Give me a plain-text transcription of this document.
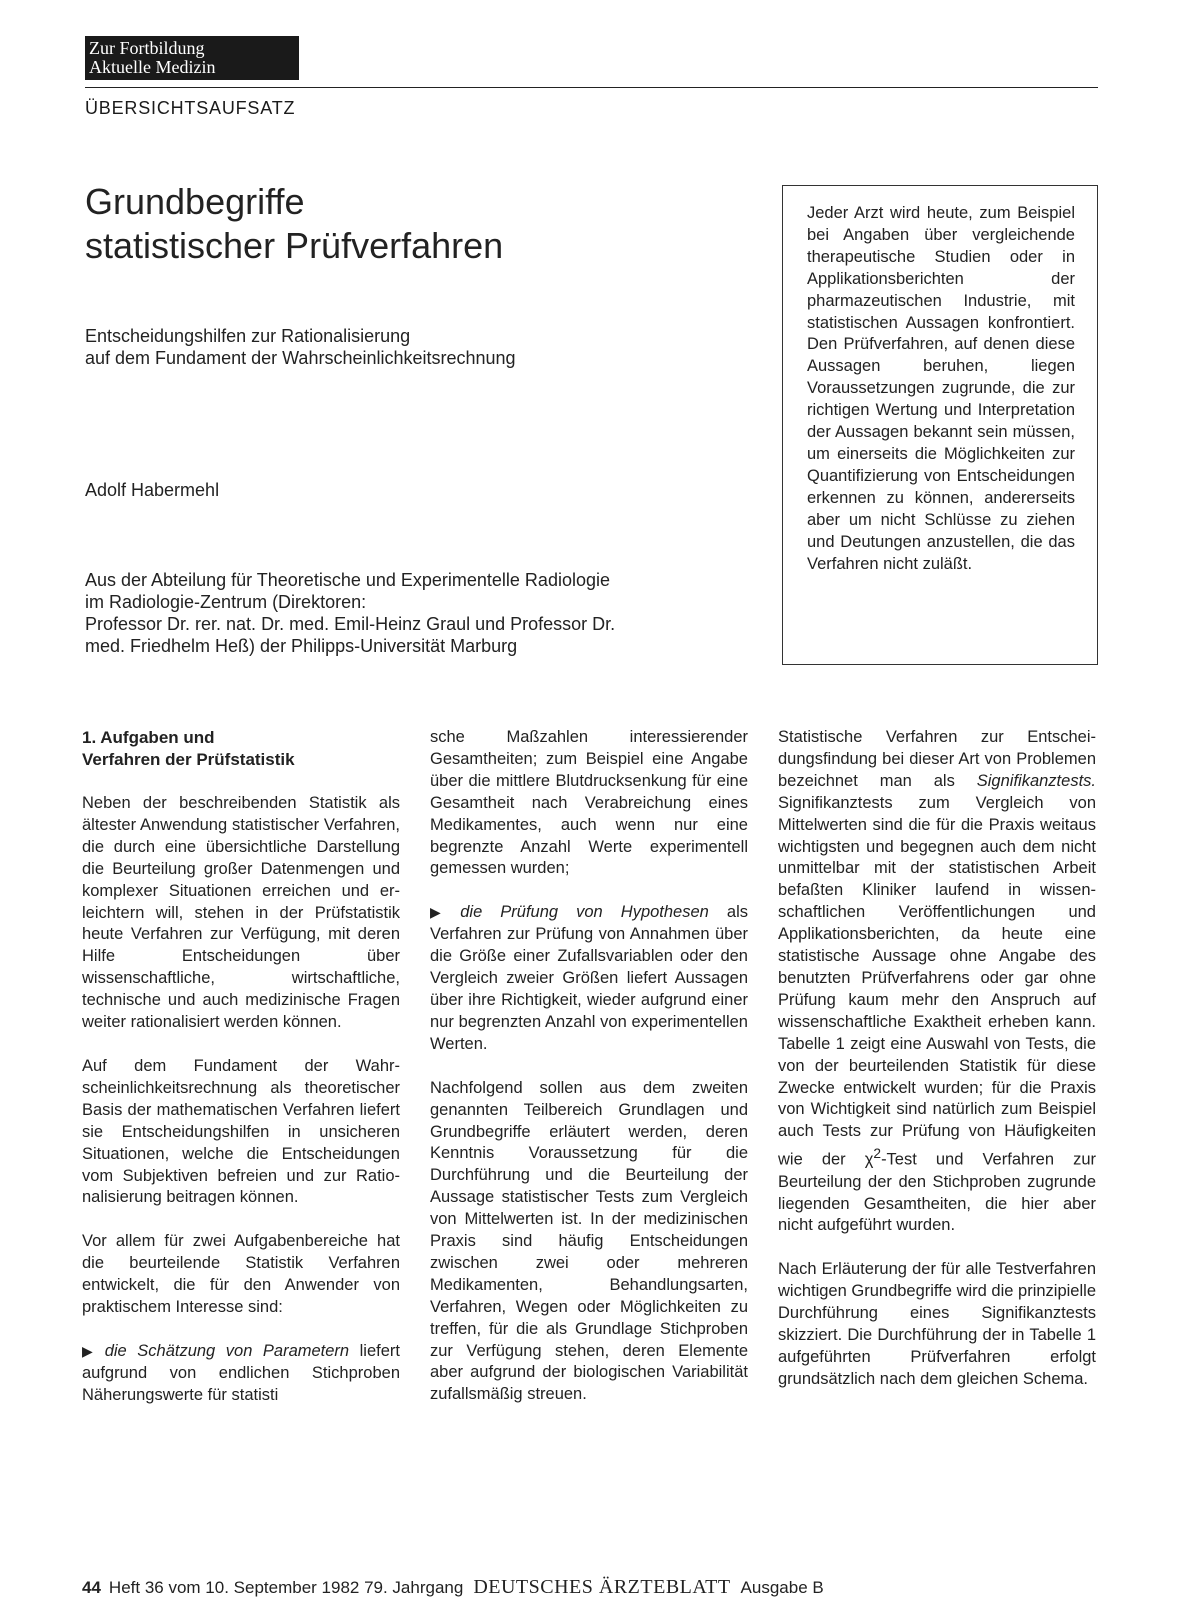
Zur Fortbildung
Aktuelle Medizin
ÜBERSICHTSAUFSATZ
Grundbegriffe
statistischer Prüfverfahren
Entscheidungshilfen zur Rationalisierung
auf dem Fundament der Wahrscheinlichkeitsrechnung
Adolf Habermehl
Aus der Abteilung für Theoretische und Experimentelle Radiologie
im Radiologie-Zentrum (Direktoren:
Professor Dr. rer. nat. Dr. med. Emil-Heinz Graul und Professor Dr.
med. Friedhelm Heß) der Philipps-Universität Marburg
Jeder Arzt wird heute, zum Beispiel bei Angaben über vergleichende therapeutische Studien oder in Applikationsberichten der pharmazeutischen Industrie, mit statistischen Aussagen konfrontiert. Den Prüfverfahren, auf denen diese Aussagen beruhen, liegen Voraussetzungen zugrunde, die zur richtigen Wertung und Interpretation der Aussagen bekannt sein müssen, um einerseits die Möglichkeiten zur Quantifizierung von Entscheidungen erkennen zu können, andererseits aber um nicht Schlüsse zu ziehen und Deutungen anzustellen, die das Verfahren nicht zuläßt.
1. Aufgaben und
Verfahren der Prüfstatistik

Neben der beschreibenden Statistik als ältester Anwendung statistischer Verfahren, die durch eine übersichtliche Darstellung die Beurteilung großer Datenmengen und komplexer Situationen erreichen und erleichtern will, stehen in der Prüfstatistik heute Verfahren zur Verfügung, mit deren Hilfe Entscheidungen über wissenschaftliche, wirtschaftliche, technische und auch medizinische Fragen weiter rationalisiert werden können.

Auf dem Fundament der Wahrscheinlichkeitsrechnung als theoretischer Basis der mathematischen Verfahren liefert sie Entscheidungshilfen in unsicheren Situationen, welche die Entscheidungen vom Subjektiven befreien und zur Rationalisierung beitragen können.

Vor allem für zwei Aufgabenbereiche hat die beurteilende Statistik Verfahren entwickelt, die für den Anwender von praktischem Interesse sind:

▶ die Schätzung von Parametern liefert aufgrund von endlichen Stichproben Näherungswerte für statisti

sche Maßzahlen interessierender Gesamtheiten; zum Beispiel eine Angabe über die mittlere Blutdrucksenkung für eine Gesamtheit nach Verabreichung eines Medikamentes, auch wenn nur eine begrenzte Anzahl Werte experimentell gemessen wurden;

▶ die Prüfung von Hypothesen als Verfahren zur Prüfung von Annahmen über die Größe einer Zufallsvariablen oder den Vergleich zweier Größen liefert Aussagen über ihre Richtigkeit, wieder aufgrund einer nur begrenzten Anzahl von experimentellen Werten.

Nachfolgend sollen aus dem zweiten genannten Teilbereich Grundlagen und Grundbegriffe erläutert werden, deren Kenntnis Voraussetzung für die Durchführung und die Beurteilung der Aussage statistischer Tests zum Vergleich von Mittelwerten ist. In der medizinischen Praxis sind häufig Entscheidungen zwischen zwei oder mehreren Medikamenten, Behandlungsarten, Verfahren, Wegen oder Möglichkeiten zu treffen, für die als Grundlage Stichproben zur Verfügung stehen, deren Elemente aber aufgrund der biologischen Variabilität zufallsmäßig streuen.

Statistische Verfahren zur Entscheidungsfindung bei dieser Art von Problemen bezeichnet man als Signifikanztests. Signifikanztests zum Vergleich von Mittelwerten sind die für die Praxis weitaus wichtigsten und begegnen auch dem nicht unmittelbar mit der statistischen Arbeit befaßten Kliniker laufend in wissenschaftlichen Veröffentlichungen und Applikationsberichten, da heute eine statistische Aussage ohne Angabe des benutzten Prüfverfahrens oder gar ohne Prüfung kaum mehr den Anspruch auf wissenschaftliche Exaktheit erheben kann. Tabelle 1 zeigt eine Auswahl von Tests, die von der beurteilenden Statistik für diese Zwecke entwickelt wurden; für die Praxis von Wichtigkeit sind natürlich zum Beispiel auch Tests zur Prüfung von Häufigkeiten wie der $\chi^2$-Test und Verfahren zur Beurteilung der den Stichproben zugrunde liegenden Gesamtheiten, die hier aber nicht aufgeführt wurden.

Nach Erläuterung der für alle Testverfahren wichtigen Grundbegriffe wird die prinzipielle Durchführung eines Signifikanztests skizziert. Die Durchführung der in Tabelle 1 aufgeführten Prüfverfahren erfolgt grundsätzlich nach dem gleichen Schema.

44 Heft 36 vom 10. September 1982 79. Jahrgang DEUTSCHES ÄRZTEBLATT Ausgabe B
